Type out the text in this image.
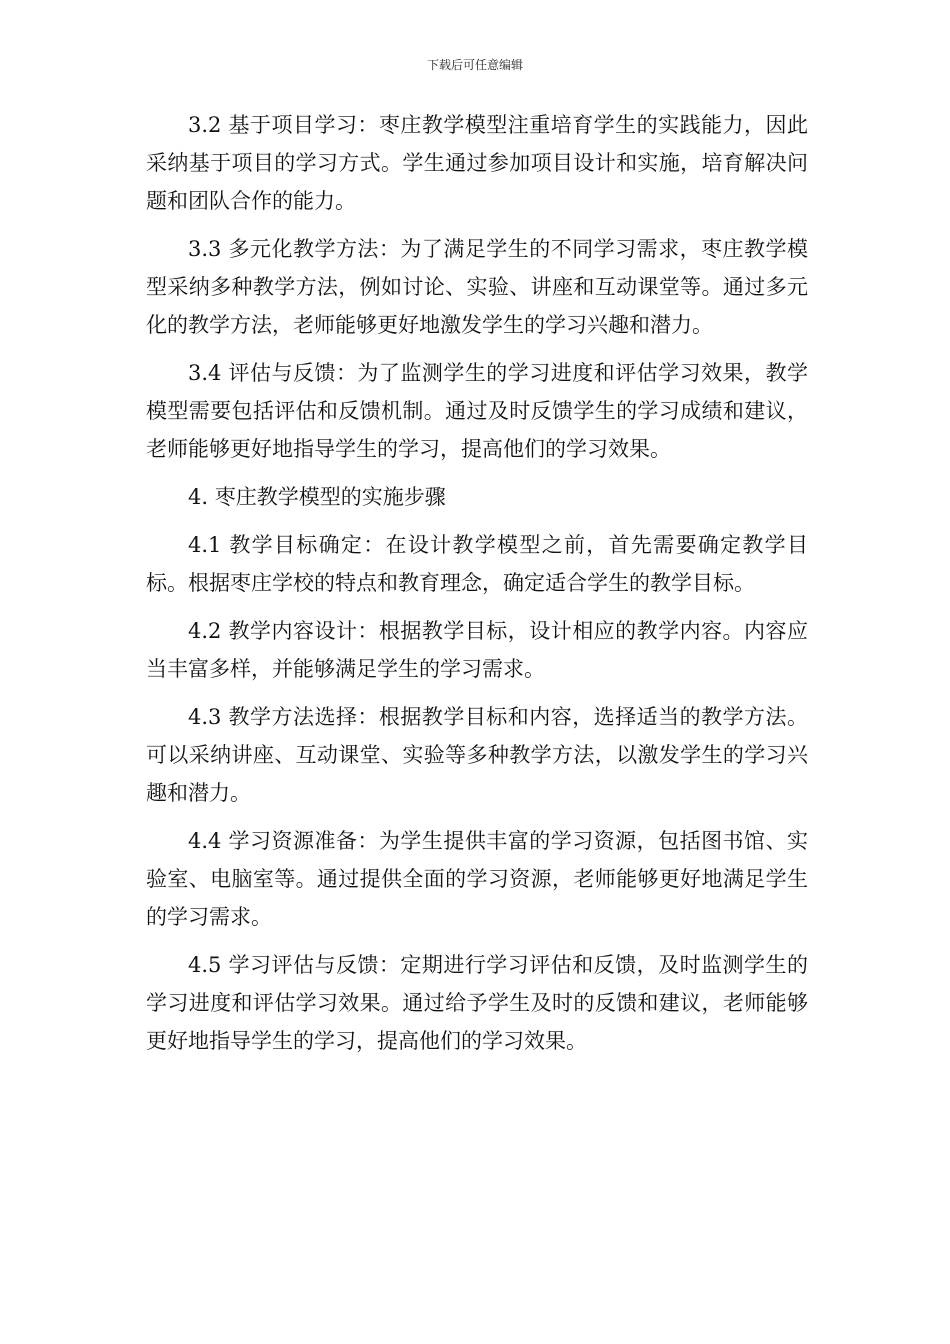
下载后可任意编辑

3.2 基于项目学习：枣庄教学模型注重培育学生的实践能力，因此采纳基于项目的学习方式。学生通过参加项目设计和实施，培育解决问题和团队合作的能力。

3.3 多元化教学方法：为了满足学生的不同学习需求，枣庄教学模型采纳多种教学方法，例如讨论、实验、讲座和互动课堂等。通过多元化的教学方法，老师能够更好地激发学生的学习兴趣和潜力。

3.4 评估与反馈：为了监测学生的学习进度和评估学习效果，教学模型需要包括评估和反馈机制。通过及时反馈学生的学习成绩和建议，老师能够更好地指导学生的学习，提高他们的学习效果。

4. 枣庄教学模型的实施步骤

4.1 教学目标确定：在设计教学模型之前，首先需要确定教学目标。根据枣庄学校的特点和教育理念，确定适合学生的教学目标。

4.2 教学内容设计：根据教学目标，设计相应的教学内容。内容应当丰富多样，并能够满足学生的学习需求。

4.3 教学方法选择：根据教学目标和内容，选择适当的教学方法。可以采纳讲座、互动课堂、实验等多种教学方法，以激发学生的学习兴趣和潜力。

4.4 学习资源准备：为学生提供丰富的学习资源，包括图书馆、实验室、电脑室等。通过提供全面的学习资源，老师能够更好地满足学生的学习需求。

4.5 学习评估与反馈：定期进行学习评估和反馈，及时监测学生的学习进度和评估学习效果。通过给予学生及时的反馈和建议，老师能够更好地指导学生的学习，提高他们的学习效果。
